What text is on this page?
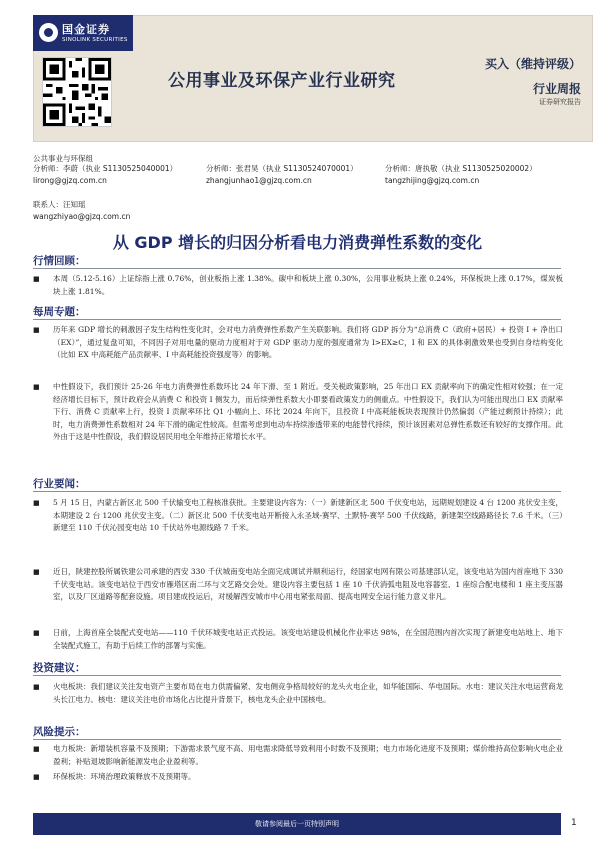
国金证券
SINOLINK SECURITIES
公用事业及环保产业行业研究
买入（维持评级）
行业周报
证券研究报告
公共事业与环保组
分析师：李蔚（执业 S1130525040001）
lirong@gjzq.com.cn
分析师：张君昊（执业 S1130524070001）
zhangjunhao1@gjzq.com.cn
分析师：唐执敬（执业 S1130525020002）
tangzhijing@gjzq.com.cn
联系人：汪知瑶
wangzhiyao@gjzq.com.cn
从 GDP 增长的归因分析看电力消费弹性系数的变化
行情回顾：
■ 本周（5.12-5.16）上证综指上涨 0.76%，创业板指上涨 1.38%。碳中和板块上涨 0.30%，公用事业板块上涨 0.24%，环保板块上涨 0.17%，煤炭板块上涨 1.81%。
每周专题：
■ 历年来 GDP 增长的刺激因子发生结构性变化时，会对电力消费弹性系数产生关联影响。我们将 GDP 拆分为“总消费 C（政府+居民）+ 投资 I + 净出口（EX）”，通过复盘可知，不同因子对用电量的驱动力度相对于对 GDP 驱动力度的强度通常为 I>EX≥C，I 和 EX 的具体刺激效果也受到自身结构变化（比如 EX 中高耗能产品贡献率、I 中高耗能投资强度等）的影响。
■ 中性假设下，我们预计 25-26 年电力消费弹性系数环比 24 年下滑、至 1 附近。受关税政策影响，25 年出口 EX 贡献率向下的确定性相对较强；在一定经济增长目标下，预计政府会从消费 C 和投资 I 侧发力，而后续弹性系数大小即要看政策发力的侧重点。中性假设下，我们认为可能出现出口 EX 贡献率下行、消费 C 贡献率上行，投资 I 贡献率环比 Q1 小幅向上、环比 2024 年向下，且投资 I 中高耗能板块表现预计仍然偏弱（产能过剩预计持续）；此时，电力消费弹性系数相对 24 年下滑的确定性较高。但需考虑到电动车持续渗透带来的电能替代持续，预计该因素对总弹性系数还有较好的支撑作用。此外由于这是中性假设，我们假设居民用电全年维持正常增长水平。
行业要闻：
■ 5 月 15 日，内蒙古新区北 500 千伏输变电工程核准获批。主要建设内容为：（一）新建新区北 500 千伏变电站，远期规划建设 4 台 1200 兆伏安主变，本期建设 2 台 1200 兆伏安主变。（二）新区北 500 千伏变电站开断接入永圣域-赛罕、土默特-赛罕 500 千伏线路，新建架空线路路径长 7.6 千米。（三）新建至 110 千伏沁园变电站 10 千伏站外电源线路 7 千米。
■ 近日，陕建控股所属铁建公司承建的西安 330 千伏城南变电站全面完成调试并顺利运行，经国家电网有限公司基建部认定，该变电站为国内首座地下 330 千伏变电站。该变电站位于西安市雁塔区南二环与文艺路交会处。建设内容主要包括 1 座 10 千伏消弧电阻及电容器室、1 座综合配电楼和 1 座主变压器室，以及厂区道路等配套设施。项目建成投运后，对缓解西安城市中心用电紧张局面、提高电网安全运行能力意义非凡。
■ 日前，上海首座全装配式变电站——110 千伏环城变电站正式投运。该变电站建设机械化作业率达 98%，在全国范围内首次实现了新建变电站地上、地下全装配式施工，有助于后续工作的部署与实施。
投资建议：
■ 火电板块：我们建议关注发电资产主要布局在电力供需偏紧、发电侧竞争格局较好的龙头火电企业，如华能国际、华电国际。水电：建议关注水电运营商龙头长江电力。核电：建议关注电价市场化占比提升背景下，核电龙头企业中国核电。
风险提示：
■ 电力板块：新增装机容量不及预期；下游需求景气度不高、用电需求降低导致利用小时数不及预期；电力市场化进度不及预期；煤价维持高位影响火电企业盈利；补贴退坡影响新能源发电企业盈利等。
■ 环保板块：环境治理政策释放不及预期等。
敬请参阅最后一页特别声明	1
